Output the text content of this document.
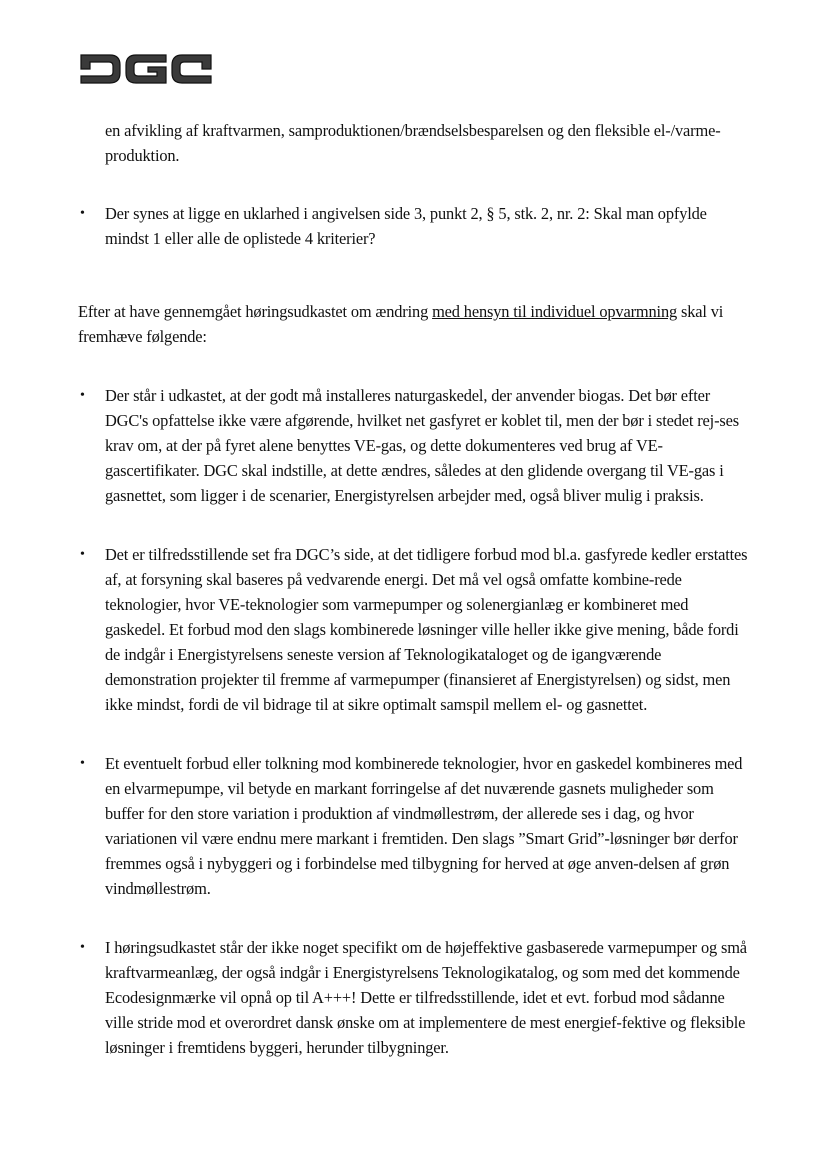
en afvikling af kraftvarmen, samproduktionen/brændselsbesparelsen og den fleksible el-/varme-produktion.

• Der synes at ligge en uklarhed i angivelsen side 3, punkt 2, § 5, stk. 2, nr. 2: Skal man opfylde mindst 1 eller alle de oplistede 4 kriterier?

Efter at have gennemgået høringsudkastet om ændring med hensyn til individuel opvarmning skal vi fremhæve følgende:

• Der står i udkastet, at der godt må installeres naturgaskedel, der anvender biogas. Det bør efter DGC's opfattelse ikke være afgørende, hvilket net gasfyret er koblet til, men der bør i stedet rej-ses krav om, at der på fyret alene benyttes VE-gas, og dette dokumenteres ved brug af VE-gascertifikater. DGC skal indstille, at dette ændres, således at den glidende overgang til VE-gas i gasnettet, som ligger i de scenarier, Energistyrelsen arbejder med, også bliver mulig i praksis.
• Det er tilfredsstillende set fra DGC’s side, at det tidligere forbud mod bl.a. gasfyrede kedler erstattes af, at forsyning skal baseres på vedvarende energi. Det må vel også omfatte kombine-rede teknologier, hvor VE-teknologier som varmepumper og solenergianlæg er kombineret med gaskedel. Et forbud mod den slags kombinerede løsninger ville heller ikke give mening, både fordi de indgår i Energistyrelsens seneste version af Teknologikataloget og de igangværende demonstration projekter til fremme af varmepumper (finansieret af Energistyrelsen) og sidst, men ikke mindst, fordi de vil bidrage til at sikre optimalt samspil mellem el- og gasnettet.
• Et eventuelt forbud eller tolkning mod kombinerede teknologier, hvor en gaskedel kombineres med en elvarmepumpe, vil betyde en markant forringelse af det nuværende gasnets muligheder som buffer for den store variation i produktion af vindmøllestrøm, der allerede ses i dag, og hvor variationen vil være endnu mere markant i fremtiden. Den slags ”Smart Grid”-løsninger bør derfor fremmes også i nybyggeri og i forbindelse med tilbygning for herved at øge anven-delsen af grøn vindmøllestrøm.
• I høringsudkastet står der ikke noget specifikt om de højeffektive gasbaserede varmepumper og små kraftvarmeanlæg, der også indgår i Energistyrelsens Teknologikatalog, og som med det kommende Ecodesignmærke vil opnå op til A+++! Dette er tilfredsstillende, idet et evt. forbud mod sådanne ville stride mod et overordret dansk ønske om at implementere de mest energief-fektive og fleksible løsninger i fremtidens byggeri, herunder tilbygninger.
